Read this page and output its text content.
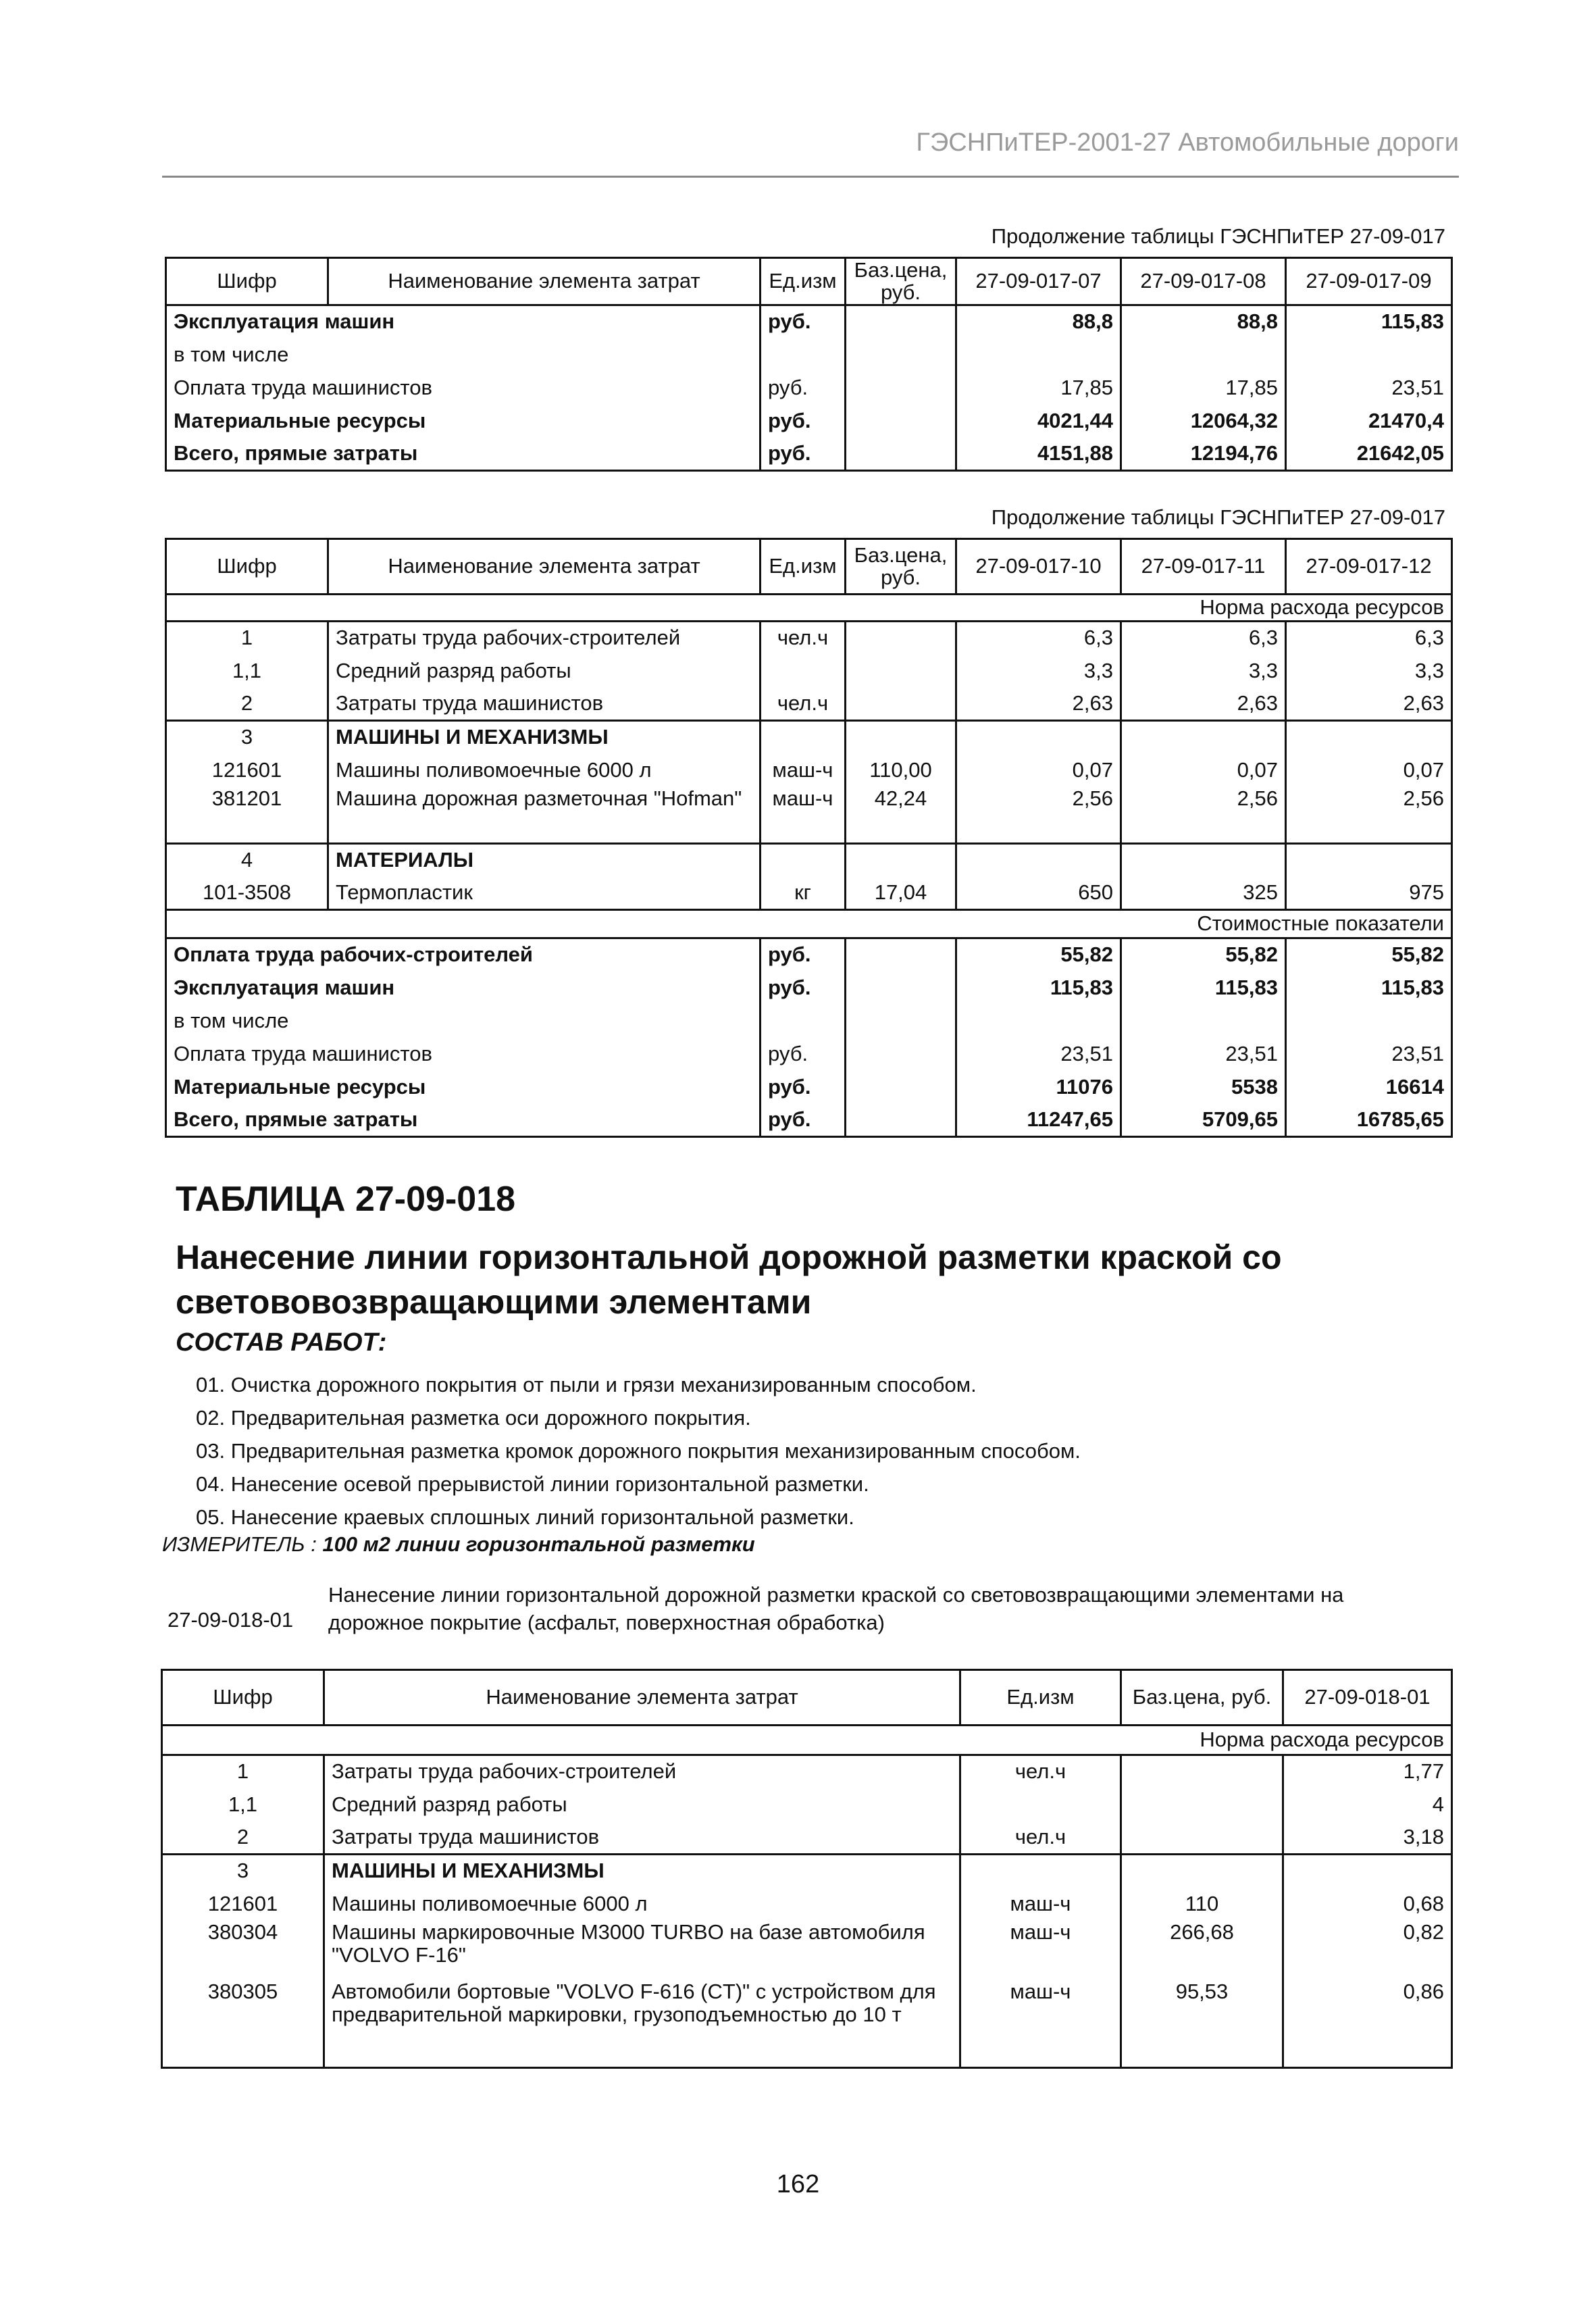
ГЭСНПиТЕР-2001-27 Автомобильные дороги
Продолжение таблицы ГЭСНПиТЕР 27-09-017
Шифр	Наименование элемента затрат	Ед.изм	Баз.цена, руб.	27-09-017-07	27-09-017-08	27-09-017-09
Эксплуатация машин		руб.		88,8	88,8	115,83
в том числе						
Оплата труда машинистов		руб.		17,85	17,85	23,51
Материальные ресурсы		руб.		4021,44	12064,32	21470,4
Всего, прямые затраты		руб.		4151,88	12194,76	21642,05
Продолжение таблицы ГЭСНПиТЕР 27-09-017
Шифр	Наименование элемента затрат	Ед.изм	Баз.цена, руб.	27-09-017-10	27-09-017-11	27-09-017-12
Норма расхода ресурсов						
1	Затраты труда рабочих-строителей	чел.ч		6,3	6,3	6,3
1,1	Средний разряд работы			3,3	3,3	3,3
2	Затраты труда машинистов	чел.ч		2,63	2,63	2,63
3	МАШИНЫ И МЕХАНИЗМЫ					
121601	Машины поливомоечные 6000 л	маш-ч	110,00	0,07	0,07	0,07
381201	Машина дорожная разметочная "Hofman"	маш-ч	42,24	2,56	2,56	2,56
4	МАТЕРИАЛЫ					
101-3508	Термопластик	кг	17,04	650	325	975
Стоимостные показатели						
Оплата труда рабочих-строителей		руб.		55,82	55,82	55,82
Эксплуатация машин		руб.		115,83	115,83	115,83
в том числе						
Оплата труда машинистов		руб.		23,51	23,51	23,51
Материальные ресурсы		руб.		11076	5538	16614
Всего, прямые затраты		руб.		11247,65	5709,65	16785,65
ТАБЛИЦА 27-09-018
Нанесение линии горизонтальной дорожной разметки краской со светововозвращающими элементами
СОСТАВ РАБОТ:
01. Очистка дорожного покрытия от пыли и грязи механизированным способом.
02. Предварительная разметка оси дорожного покрытия.
03. Предварительная разметка кромок дорожного покрытия механизированным способом.
04. Нанесение осевой прерывистой линии горизонтальной разметки.
05. Нанесение краевых сплошных линий горизонтальной разметки.
ИЗМЕРИТЕЛЬ : 100 м2 линии горизонтальной разметки
27-09-018-01
Нанесение линии горизонтальной дорожной разметки краской со световозвращающими элементами на дорожное покрытие (асфальт, поверхностная обработка)
Шифр	Наименование элемента затрат	Ед.изм	Баз.цена, руб.	27-09-018-01
Норма расхода ресурсов				
1	Затраты труда рабочих-строителей	чел.ч		1,77
1,1	Средний разряд работы			4
2	Затраты труда машинистов	чел.ч		3,18
3	МАШИНЫ И МЕХАНИЗМЫ			
121601	Машины поливомоечные 6000 л	маш-ч	110	0,68
380304	Машины маркировочные М3000 TURBO на базе автомобиля "VOLVO F-16"	маш-ч	266,68	0,82
380305	Автомобили бортовые "VOLVO F-616 (CT)" с устройством для предварительной маркировки, грузоподъемностью до 10 т	маш-ч	95,53	0,86
162
